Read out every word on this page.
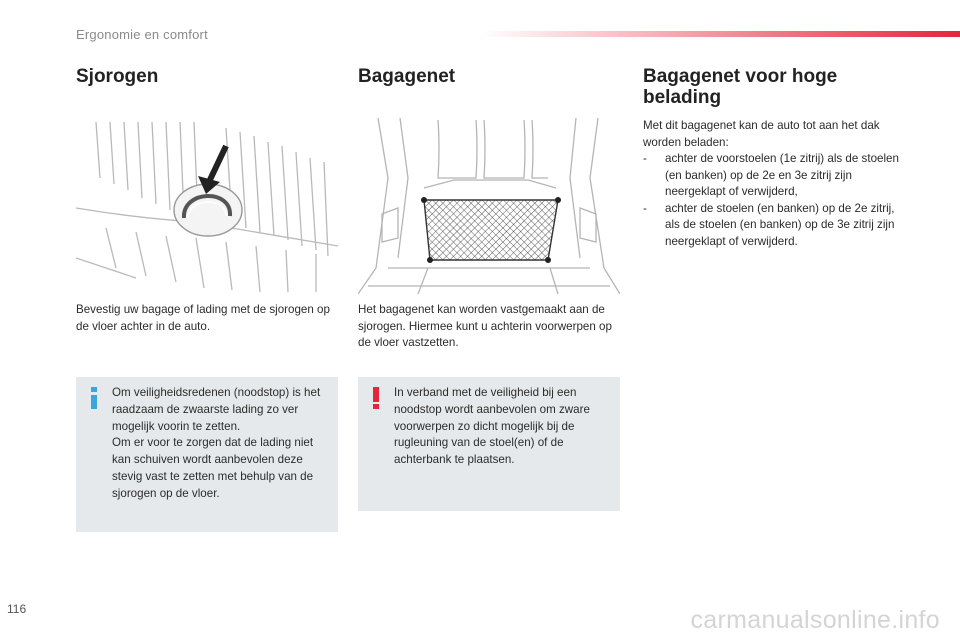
Ergonomie en comfort
Sjorogen

Bevestig uw bagage of lading met de sjorogen op de vloer achter in de auto.

Om veiligheidsredenen (noodstop) is het raadzaam de zwaarste lading zo ver mogelijk voorin te zetten.
Om er voor te zorgen dat de lading niet kan schuiven wordt aanbevolen deze stevig vast te zetten met behulp van de sjorogen op de vloer.

Bagagenet

Het bagagenet kan worden vastgemaakt aan de sjorogen. Hiermee kunt u achterin voorwerpen op de vloer vastzetten.

In verband met de veiligheid bij een noodstop wordt aanbevolen om zware voorwerpen zo dicht mogelijk bij de rugleuning van de stoel(en) of de achterbank te plaatsen.

Bagagenet voor hoge belading
Met dit bagagenet kan de auto tot aan het dak worden beladen:
- achter de voorstoelen (1e zitrij) als de stoelen (en banken) op de 2e en 3e zitrij zijn neergeklapt of verwijderd,
- achter de stoelen (en banken) op de 2e zitrij, als de stoelen (en banken) op de 3e zitrij zijn neergeklapt of verwijderd.
116	carmanualsonline.info
